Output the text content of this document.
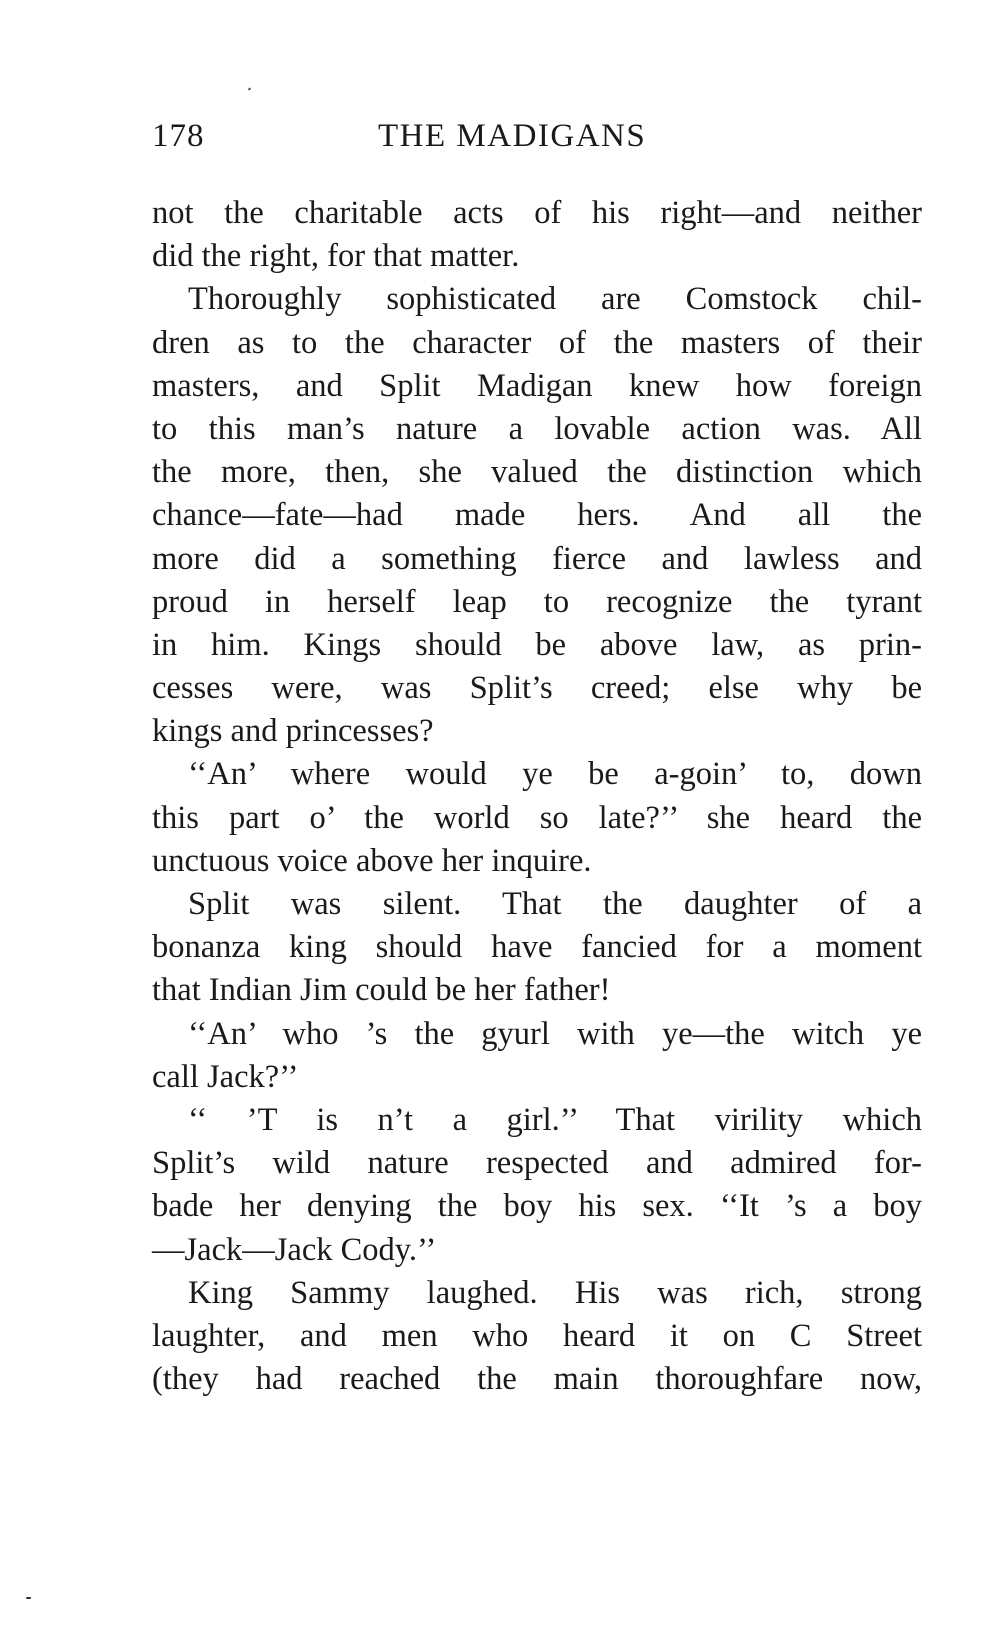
178	THE MADIGANS
not the charitable acts of his right—and neither
did the right, for that matter.
Thoroughly sophisticated are Comstock chil-
dren as to the character of the masters of their
masters, and Split Madigan knew how foreign
to this man’s nature a lovable action was. All
the more, then, she valued the distinction which
chance—fate—had made hers. And all the
more did a something fierce and lawless and
proud in herself leap to recognize the tyrant
in him. Kings should be above law, as prin-
cesses were, was Split’s creed; else why be
kings and princesses?
‘‘An’ where would ye be a-goin’ to, down
this part o’ the world so late?’’ she heard the
unctuous voice above her inquire.
Split was silent. That the daughter of a
bonanza king should have fancied for a moment
that Indian Jim could be her father!
‘‘An’ who ’s the gyurl with ye—the witch ye
call Jack?’’
‘‘ ’T is n’t a girl.’’ That virility which
Split’s wild nature respected and admired for-
bade her denying the boy his sex. ‘‘It ’s a boy
—Jack—Jack Cody.’’
King Sammy laughed. His was rich, strong
laughter, and men who heard it on C Street
(they had reached the main thoroughfare now,
